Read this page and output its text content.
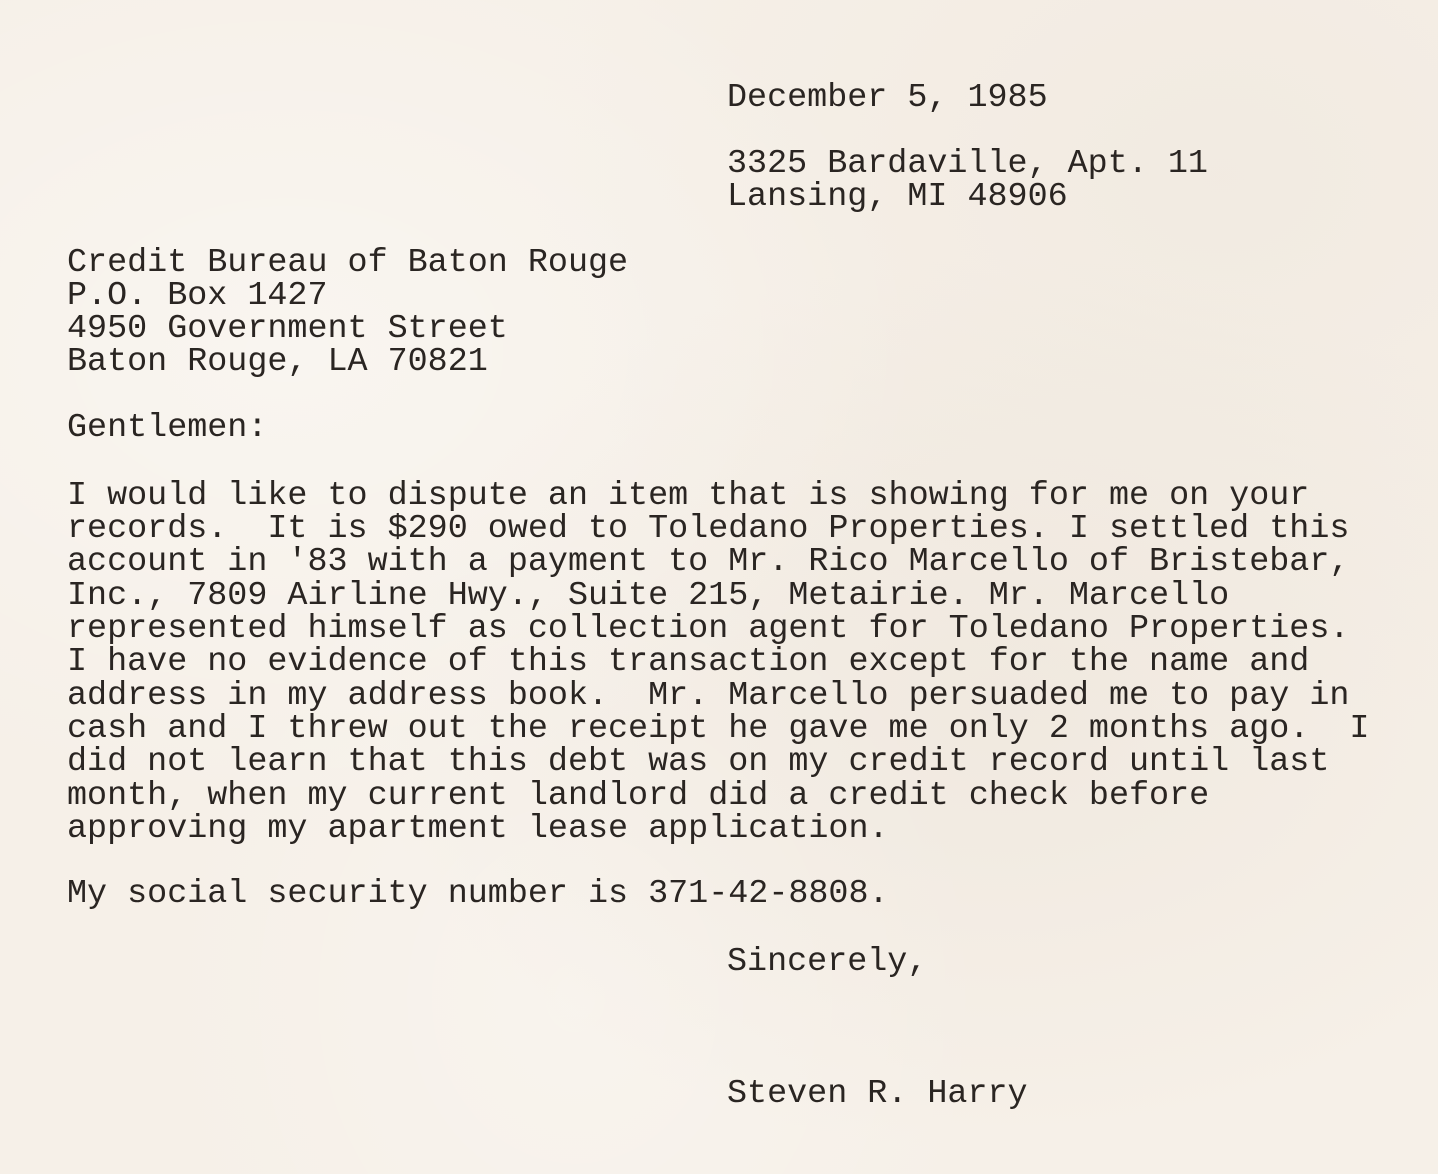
December 5, 1985
3325 Bardaville, Apt. 11
Lansing, MI 48906
Credit Bureau of Baton Rouge
P.O. Box 1427
4950 Government Street
Baton Rouge, LA 70821
Gentlemen:
I would like to dispute an item that is showing for me on your
records.  It is $290 owed to Toledano Properties. I settled this
account in '83 with a payment to Mr. Rico Marcello of Bristebar,
Inc., 7809 Airline Hwy., Suite 215, Metairie. Mr. Marcello
represented himself as collection agent for Toledano Properties.
I have no evidence of this transaction except for the name and
address in my address book.  Mr. Marcello persuaded me to pay in
cash and I threw out the receipt he gave me only 2 months ago.  I
did not learn that this debt was on my credit record until last
month, when my current landlord did a credit check before
approving my apartment lease application.
My social security number is 371-42-8808.
Sincerely,
Steven R. Harry
